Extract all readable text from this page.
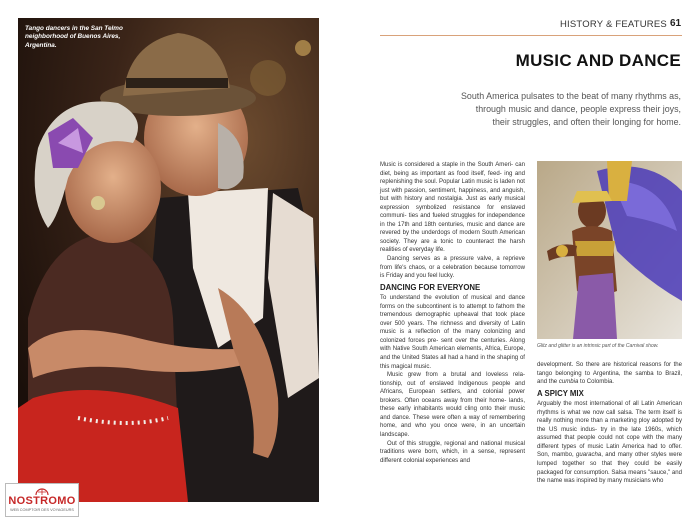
Tango dancers in the San Telmo
neighborhood of Buenos Aires,
Argentina.
NOSTROMO
WEB COMPTOIR DES VOYAGEURS
HISTORY & FEATURES 61
MUSIC AND DANCE
South America pulsates to the beat of many rhythms as,
through music and dance, people express their joys,
their struggles, and often their longing for home.

Music is considered a staple in the South Ameri- can diet, being as important as food itself, feed- ing and replenishing the soul. Popular Latin music is laden not just with passion, sentiment, happiness, and anguish, but with history and nostalgia. Just as early musical expression symbolized resistance for enslaved communi- ties and fueled struggles for independence in the 17th and 18th centuries, music and dance are revered by the underdogs of modern South American society. They are a tonic to counteract the harsh realities of everyday life.

Dancing serves as a pressure valve, a reprieve from life's chaos, or a celebration because tomorrow is Friday and you feel lucky.

DANCING FOR EVERYONE

To understand the evolution of musical and dance forms on the subcontinent is to attempt to fathom the tremendous demographic upheaval that took place over 500 years. The richness and diversity of Latin music is a reflection of the many colonizing and colonized forces pre- sent over the centuries. Along with Native South American elements, Africa, Europe, and the United States all had a hand in the shaping of this magical music.

Music grew from a brutal and loveless rela- tionship, out of enslaved Indigenous people and Africans, European settlers, and colonial power brokers. Often oceans away from their home- lands, these early inhabitants would cling onto their music and dance. These were often a way of remembering home, and who you once were, in an uncertain landscape.

Out of this struggle, regional and national musical traditions were born, which, in a sense, represent different colonial experiences and

Glitz and glitter is an intrinsic part of the Carnival show.

development. So there are historical reasons for the tango belonging to Argentina, the samba to Brazil, and the cumbia to Colombia.

A SPICY MIX

Arguably the most international of all Latin American rhythms is what we now call salsa. The term itself is really nothing more than a marketing ploy adopted by the US music indus- try in the late 1960s, which assumed that people could not cope with the many different types of music Latin America had to offer. Son, mambo, guaracha, and many other styles were lumped together so that they could be easily packaged for consumption. Salsa means "sauce," and the name was inspired by many musicians who
